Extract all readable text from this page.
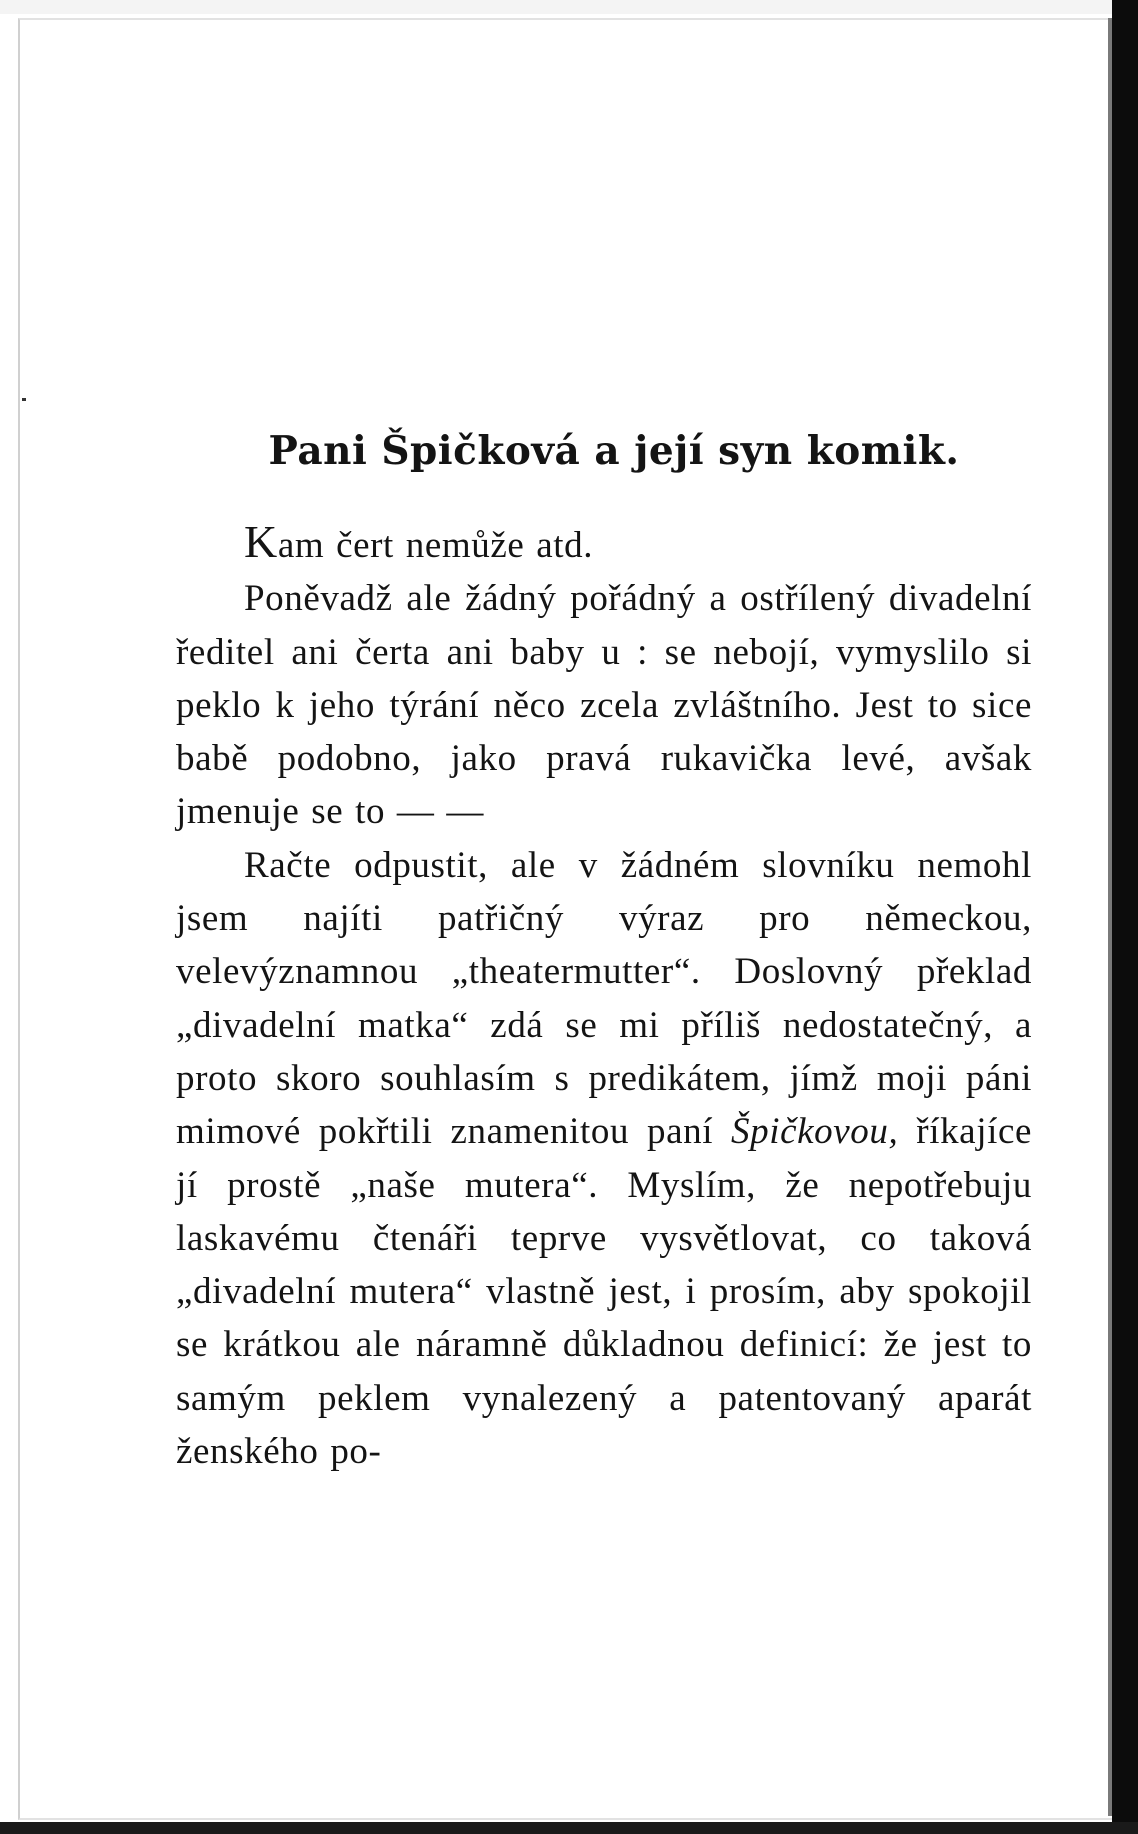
Pani Špičková a její syn komik.

Kam čert nemůže atd.

Poněvadž ale žádný pořádný a ostřílený divadelní ředitel ani čerta ani baby u : se nebojí, vymyslilo si peklo k jeho týrání něco zcela zvláštního. Jest to sice babě podobno, jako pravá rukavička levé, avšak jmenuje se to — —

Račte odpustit, ale v žádném slovníku nemohl jsem najíti patřičný výraz pro německou, velevýznamnou „theatermutter“. Doslovný překlad „divadelní matka“ zdá se mi příliš nedostatečný, a proto skoro souhlasím s predikátem, jímž moji páni mimové pokřtili znamenitou paní Špičkovou, říkajíce jí prostě „naše mutera“. Myslím, že nepotřebuju laskavému čtenáři teprve vysvětlovat, co taková „divadelní mutera“ vlastně jest, i prosím, aby spokojil se krátkou ale náramně důkladnou definicí: že jest to samým peklem vynalezený a patentovaný aparát ženského po-
